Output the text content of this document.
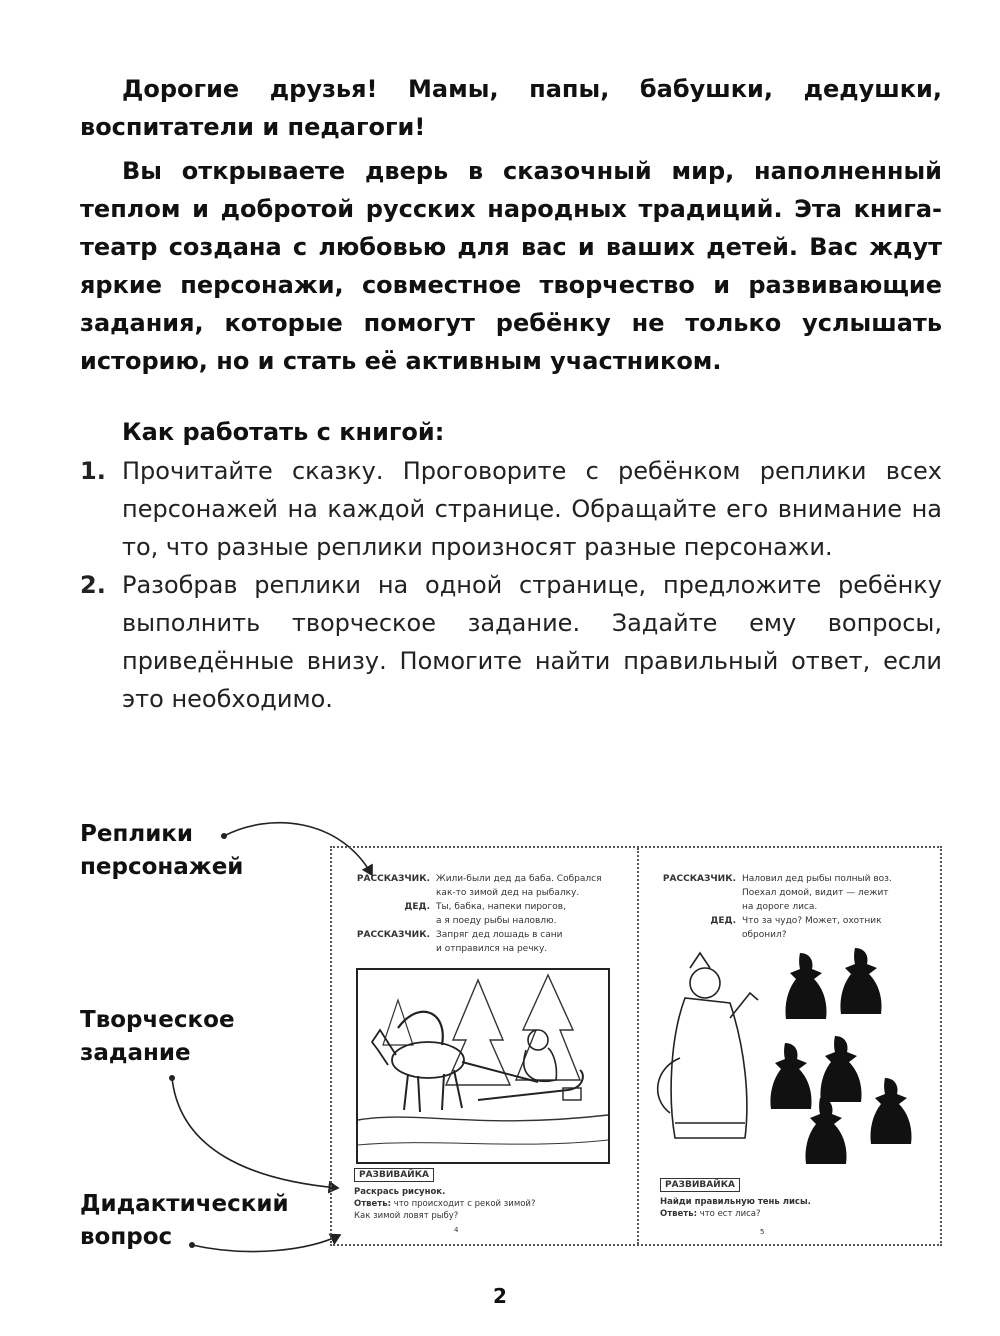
Дорогие друзья! Мамы, папы, бабушки, дедушки, воспитатели и педагоги!

Вы открываете дверь в сказочный мир, наполненный теплом и добротой русских народных традиций. Эта книга-театр создана с любовью для вас и ваших детей. Вас ждут яркие персонажи, совместное творчество и развивающие задания, которые помогут ребёнку не только услышать историю, но и стать её активным участником.

Как работать с книгой:
1. Прочитайте сказку. Проговорите с ребёнком реплики всех персонажей на каждой странице. Обращайте его внимание на то, что разные реплики произносят разные персонажи.
2. Разобрав реплики на одной странице, предложите ребёнку выполнить творческое задание. Задайте ему вопросы, приведённые внизу. Помогите найти правильный ответ, если это необходимо.
Реплики персонажей
Творческое задание
Дидактический вопрос
РАССКАЗЧИК. Жили-были дед да баба. Собрался
как-то зимой дед на рыбалку.
ДЕД. Ты, бабка, напеки пирогов,
а я поеду рыбы наловлю.
РАССКАЗЧИК. Запряг дед лошадь в сани
и отправился на речку.
РАЗВИВАЙКА
Раскрась рисунок.
Ответь: что происходит с рекой зимой?
Как зимой ловят рыбу?
4
РАССКАЗЧИК. Наловил дед рыбы полный воз.
Поехал домой, видит — лежит
на дороге лиса.
ДЕД. Что за чудо? Может, охотник
обронил?
РАЗВИВАЙКА
Найди правильную тень лисы.
Ответь: что ест лиса?
5
2
